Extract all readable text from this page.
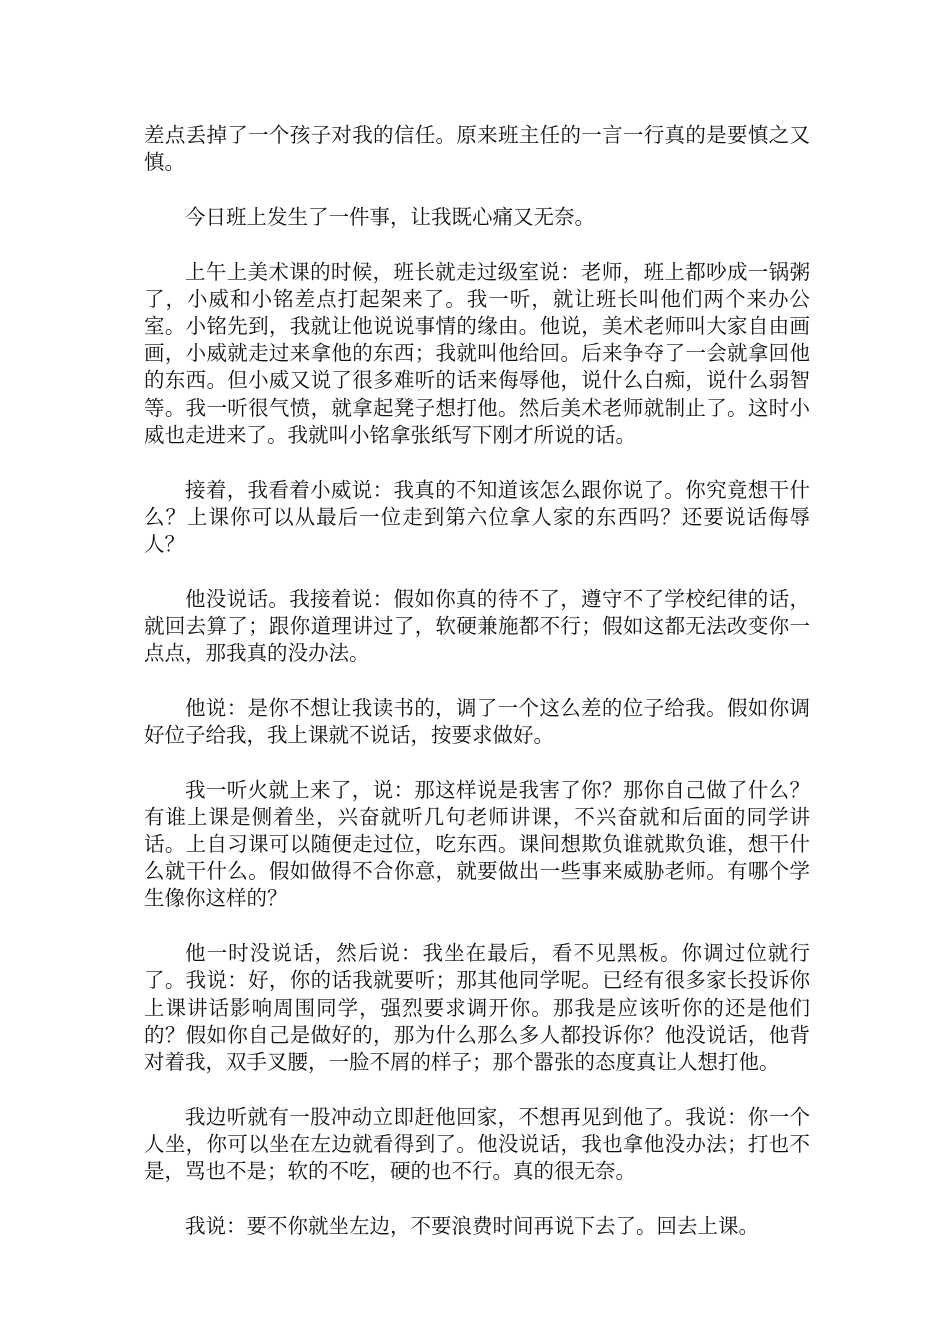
差点丢掉了一个孩子对我的信任。原来班主任的一言一行真的是要慎之又慎。

今日班上发生了一件事，让我既心痛又无奈。

上午上美术课的时候，班长就走过级室说：老师，班上都吵成一锅粥了，小威和小铭差点打起架来了。我一听，就让班长叫他们两个来办公室。小铭先到，我就让他说说事情的缘由。他说，美术老师叫大家自由画画，小威就走过来拿他的东西；我就叫他给回。后来争夺了一会就拿回他的东西。但小威又说了很多难听的话来侮辱他，说什么白痴，说什么弱智等。我一听很气愤，就拿起凳子想打他。然后美术老师就制止了。这时小威也走进来了。我就叫小铭拿张纸写下刚才所说的话。

接着，我看着小威说：我真的不知道该怎么跟你说了。你究竟想干什么？上课你可以从最后一位走到第六位拿人家的东西吗？还要说话侮辱人？

他没说话。我接着说：假如你真的待不了，遵守不了学校纪律的话，就回去算了；跟你道理讲过了，软硬兼施都不行；假如这都无法改变你一点点，那我真的没办法。

他说：是你不想让我读书的，调了一个这么差的位子给我。假如你调好位子给我，我上课就不说话，按要求做好。

我一听火就上来了，说：那这样说是我害了你？那你自己做了什么？有谁上课是侧着坐，兴奋就听几句老师讲课，不兴奋就和后面的同学讲话。上自习课可以随便走过位，吃东西。课间想欺负谁就欺负谁，想干什么就干什么。假如做得不合你意，就要做出一些事来威胁老师。有哪个学生像你这样的？

他一时没说话，然后说：我坐在最后，看不见黑板。你调过位就行了。我说：好，你的话我就要听；那其他同学呢。已经有很多家长投诉你上课讲话影响周围同学，强烈要求调开你。那我是应该听你的还是他们的？假如你自己是做好的，那为什么那么多人都投诉你？他没说话，他背对着我，双手叉腰，一脸不屑的样子；那个嚣张的态度真让人想打他。

我边听就有一股冲动立即赶他回家，不想再见到他了。我说：你一个人坐，你可以坐在左边就看得到了。他没说话，我也拿他没办法；打也不是，骂也不是；软的不吃，硬的也不行。真的很无奈。

我说：要不你就坐左边，不要浪费时间再说下去了。回去上课。
